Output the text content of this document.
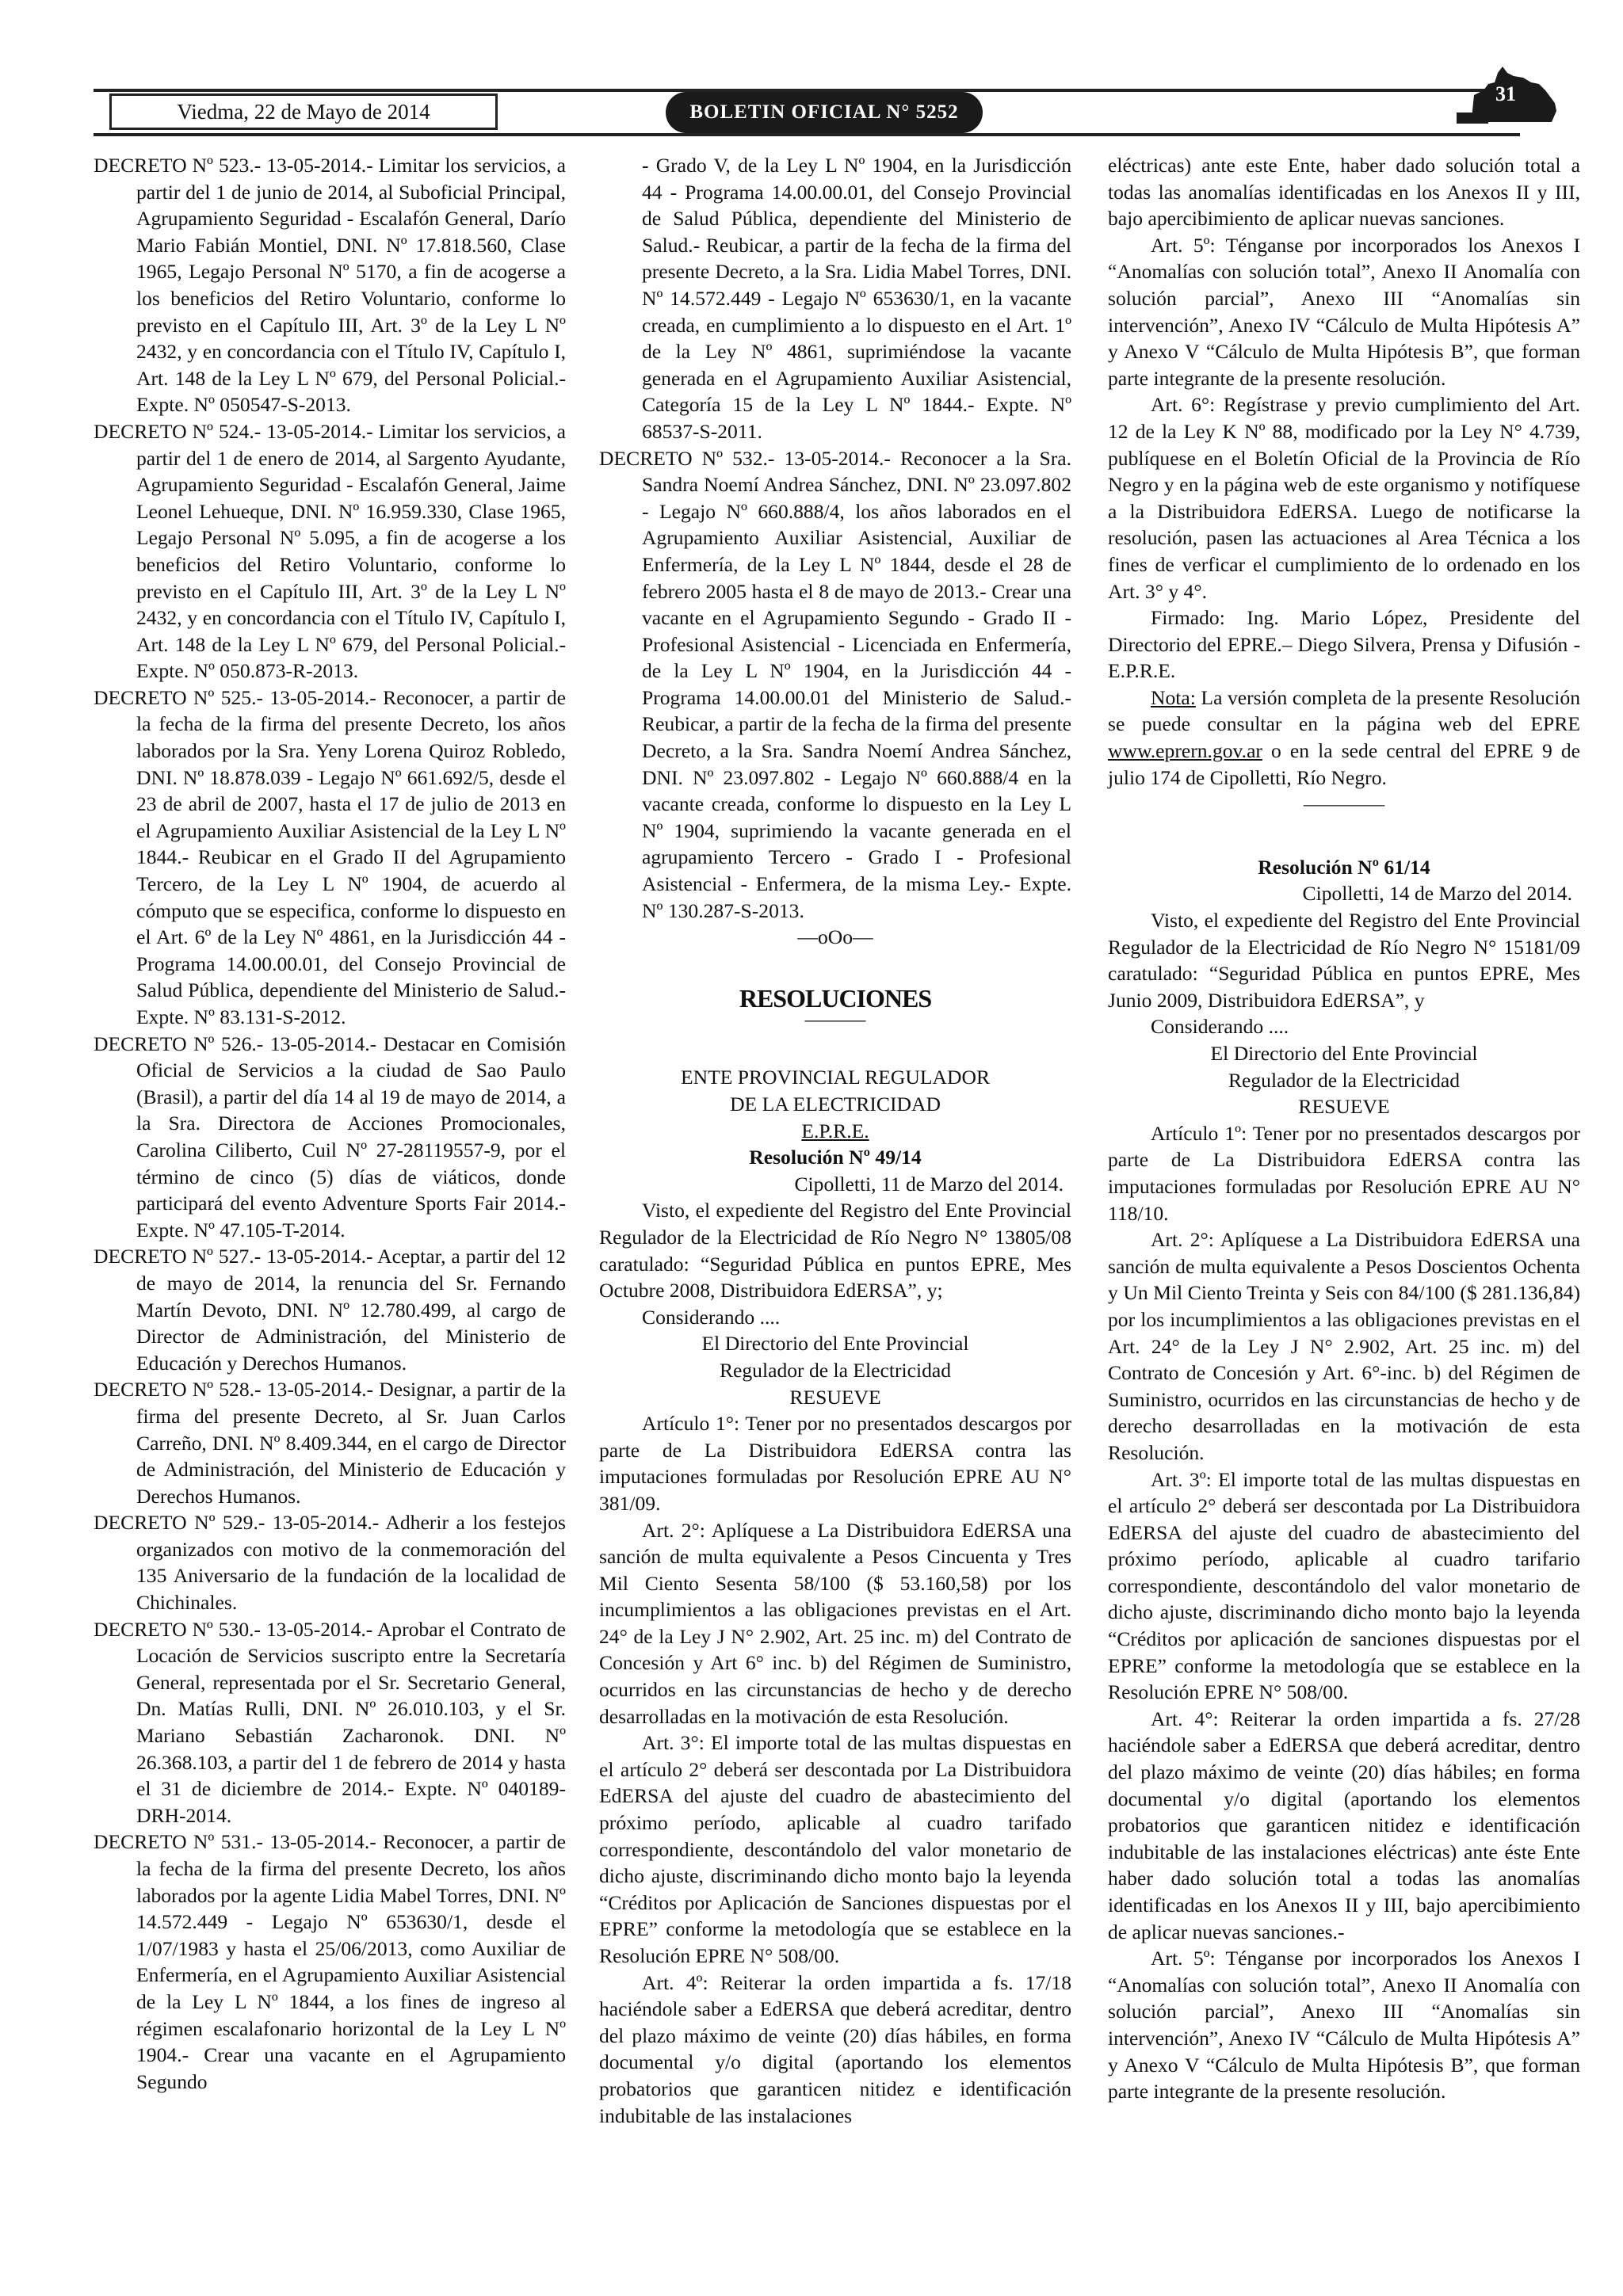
Viedma, 22 de Mayo de 2014	BOLETIN OFICIAL N° 5252
31

DECRETO Nº 523.- 13-05-2014.- Limitar los servicios, a partir del 1 de junio de 2014, al Suboficial Principal, Agrupamiento Seguridad - Escalafón General, Darío Mario Fabián Montiel, DNI. Nº 17.818.560, Clase 1965, Legajo Personal Nº 5170, a fin de acogerse a los beneficios del Retiro Voluntario, conforme lo previsto en el Capítulo III, Art. 3º de la Ley L Nº 2432, y en concordancia con el Título IV, Capítulo I, Art. 148 de la Ley L Nº 679, del Personal Policial.- Expte. Nº 050547-S-2013.

DECRETO Nº 524.- 13-05-2014.- Limitar los servicios, a partir del 1 de enero de 2014, al Sargento Ayudante, Agrupamiento Seguridad - Escalafón General, Jaime Leonel Lehueque, DNI. Nº 16.959.330, Clase 1965, Legajo Personal Nº 5.095, a fin de acogerse a los beneficios del Retiro Voluntario, conforme lo previsto en el Capítulo III, Art. 3º de la Ley L Nº 2432, y en concordancia con el Título IV, Capítulo I, Art. 148 de la Ley L Nº 679, del Personal Policial.- Expte. Nº 050.873-R-2013.

DECRETO Nº 525.- 13-05-2014.- Reconocer, a partir de la fecha de la firma del presente Decreto, los años laborados por la Sra. Yeny Lorena Quiroz Robledo, DNI. Nº 18.878.039 - Legajo Nº 661.692/5, desde el 23 de abril de 2007, hasta el 17 de julio de 2013 en el Agrupamiento Auxiliar Asistencial de la Ley L Nº 1844.- Reubicar en el Grado II del Agrupamiento Tercero, de la Ley L Nº 1904, de acuerdo al cómputo que se especifica, conforme lo dispuesto en el Art. 6º de la Ley Nº 4861, en la Jurisdicción 44 - Programa 14.00.00.01, del Consejo Provincial de Salud Pública, dependiente del Ministerio de Salud.- Expte. Nº 83.131-S-2012.

DECRETO Nº 526.- 13-05-2014.- Destacar en Comisión Oficial de Servicios a la ciudad de Sao Paulo (Brasil), a partir del día 14 al 19 de mayo de 2014, a la Sra. Directora de Acciones Promocionales, Carolina Ciliberto, Cuil Nº 27-28119557-9, por el término de cinco (5) días de viáticos, donde participará del evento Adventure Sports Fair 2014.- Expte. Nº 47.105-T-2014.

DECRETO Nº 527.- 13-05-2014.- Aceptar, a partir del 12 de mayo de 2014, la renuncia del Sr. Fernando Martín Devoto, DNI. Nº 12.780.499, al cargo de Director de Administración, del Ministerio de Educación y Derechos Humanos.

DECRETO Nº 528.- 13-05-2014.- Designar, a partir de la firma del presente Decreto, al Sr. Juan Carlos Carreño, DNI. Nº 8.409.344, en el cargo de Director de Administración, del Ministerio de Educación y Derechos Humanos.

DECRETO Nº 529.- 13-05-2014.- Adherir a los festejos organizados con motivo de la conmemoración del 135 Aniversario de la fundación de la localidad de Chichinales.

DECRETO Nº 530.- 13-05-2014.- Aprobar el Contrato de Locación de Servicios suscripto entre la Secretaría General, representada por el Sr. Secretario General, Dn. Matías Rulli, DNI. Nº 26.010.103, y el Sr. Mariano Sebastián Zacharonok. DNI. Nº 26.368.103, a partir del 1 de febrero de 2014 y hasta el 31 de diciembre de 2014.- Expte. Nº 040189-DRH-2014.

DECRETO Nº 531.- 13-05-2014.- Reconocer, a partir de la fecha de la firma del presente Decreto, los años laborados por la agente Lidia Mabel Torres, DNI. Nº 14.572.449 - Legajo Nº 653630/1, desde el 1/07/1983 y hasta el 25/06/2013, como Auxiliar de Enfermería, en el Agrupamiento Auxiliar Asistencial de la Ley L Nº 1844, a los fines de ingreso al régimen escalafonario horizontal de la Ley L Nº 1904.- Crear una vacante en el Agrupamiento Segundo

- Grado V, de la Ley L Nº 1904, en la Jurisdicción 44 - Programa 14.00.00.01, del Consejo Provincial de Salud Pública, dependiente del Ministerio de Salud.- Reubicar, a partir de la fecha de la firma del presente Decreto, a la Sra. Lidia Mabel Torres, DNI. Nº 14.572.449 - Legajo Nº 653630/1, en la vacante creada, en cumplimiento a lo dispuesto en el Art. 1º de la Ley Nº 4861, suprimiéndose la vacante generada en el Agrupamiento Auxiliar Asistencial, Categoría 15 de la Ley L Nº 1844.- Expte. Nº 68537-S-2011.

DECRETO Nº 532.- 13-05-2014.- Reconocer a la Sra. Sandra Noemí Andrea Sánchez, DNI. Nº 23.097.802 - Legajo Nº 660.888/4, los años laborados en el Agrupamiento Auxiliar Asistencial, Auxiliar de Enfermería, de la Ley L Nº 1844, desde el 28 de febrero 2005 hasta el 8 de mayo de 2013.- Crear una vacante en el Agrupamiento Segundo - Grado II - Profesional Asistencial - Licenciada en Enfermería, de la Ley L Nº 1904, en la Jurisdicción 44 - Programa 14.00.00.01 del Ministerio de Salud.- Reubicar, a partir de la fecha de la firma del presente Decreto, a la Sra. Sandra Noemí Andrea Sánchez, DNI. Nº 23.097.802 - Legajo Nº 660.888/4 en la vacante creada, conforme lo dispuesto en la Ley L Nº 1904, suprimiendo la vacante generada en el agrupamiento Tercero - Grado I - Profesional Asistencial - Enfermera, de la misma Ley.- Expte. Nº 130.287-S-2013.

—oOo—

RESOLUCIONES

———

ENTE PROVINCIAL REGULADOR

DE LA ELECTRICIDAD

E.P.R.E.

Resolución Nº 49/14

Cipolletti, 11 de Marzo del 2014.

Visto, el expediente del Registro del Ente Provincial Regulador de la Electricidad de Río Negro N° 13805/08 caratulado: “Seguridad Pública en puntos EPRE, Mes Octubre 2008, Distribuidora EdERSA”, y;

Considerando ....

El Directorio del Ente Provincial

Regulador de la Electricidad

RESUEVE

Artículo 1°: Tener por no presentados descargos por parte de La Distribuidora EdERSA contra las imputaciones formuladas por Resolución EPRE AU N° 381/09.

Art. 2°: Aplíquese a La Distribuidora EdERSA una sanción de multa equivalente a Pesos Cincuenta y Tres Mil Ciento Sesenta 58/100 ($ 53.160,58) por los incumplimientos a las obligaciones previstas en el Art. 24° de la Ley J N° 2.902, Art. 25 inc. m) del Contrato de Concesión y Art 6° inc. b) del Régimen de Suministro, ocurridos en las circunstancias de hecho y de derecho desarrolladas en la motivación de esta Resolución.

Art. 3°: El importe total de las multas dispuestas en el artículo 2° deberá ser descontada por La Distribuidora EdERSA del ajuste del cuadro de abastecimiento del próximo período, aplicable al cuadro tarifado correspondiente, descontándolo del valor monetario de dicho ajuste, discriminando dicho monto bajo la leyenda “Créditos por Aplicación de Sanciones dispuestas por el EPRE” conforme la metodología que se establece en la Resolución EPRE N° 508/00.

Art. 4º: Reiterar la orden impartida a fs. 17/18 haciéndole saber a EdERSA que deberá acreditar, dentro del plazo máximo de veinte (20) días hábiles, en forma documental y/o digital (aportando los elementos probatorios que garanticen nitidez e identificación indubitable de las instalaciones

eléctricas) ante este Ente, haber dado solución total a todas las anomalías identificadas en los Anexos II y III, bajo apercibimiento de aplicar nuevas sanciones.

Art. 5º: Ténganse por incorporados los Anexos I “Anomalías con solución total”, Anexo II Anomalía con solución parcial”, Anexo III “Anomalías sin intervención”, Anexo IV “Cálculo de Multa Hipótesis A” y Anexo V “Cálculo de Multa Hipótesis B”, que forman parte integrante de la presente resolución.

Art. 6°: Regístrase y previo cumplimiento del Art. 12 de la Ley K Nº 88, modificado por la Ley N° 4.739, publíquese en el Boletín Oficial de la Provincia de Río Negro y en la página web de este organismo y notifíquese a la Distribuidora EdERSA. Luego de notificarse la resolución, pasen las actuaciones al Area Técnica a los fines de verficar el cumplimiento de lo ordenado en los Art. 3° y 4°.

Firmado: Ing. Mario López, Presidente del Directorio del EPRE.– Diego Silvera, Prensa y Difusión - E.P.R.E.

Nota: La versión completa de la presente Resolución se puede consultar en la página web del EPRE www.eprern.gov.ar o en la sede central del EPRE 9 de julio 174 de Cipolletti, Río Negro.

————

Resolución Nº 61/14

Cipolletti, 14 de Marzo del 2014.

Visto, el expediente del Registro del Ente Provincial Regulador de la Electricidad de Río Negro N° 15181/09 caratulado: “Seguridad Pública en puntos EPRE, Mes Junio 2009, Distribuidora EdERSA”, y

Considerando ....

El Directorio del Ente Provincial

Regulador de la Electricidad

RESUEVE

Artículo 1º: Tener por no presentados descargos por parte de La Distribuidora EdERSA contra las imputaciones formuladas por Resolución EPRE AU N° 118/10.

Art. 2°: Aplíquese a La Distribuidora EdERSA una sanción de multa equivalente a Pesos Doscientos Ochenta y Un Mil Ciento Treinta y Seis con 84/100 ($ 281.136,84) por los incumplimientos a las obligaciones previstas en el Art. 24° de la Ley J N° 2.902, Art. 25 inc. m) del Contrato de Concesión y Art. 6°-inc. b) del Régimen de Suministro, ocurridos en las circunstancias de hecho y de derecho desarrolladas en la motivación de esta Resolución.

Art. 3º: El importe total de las multas dispuestas en el artículo 2° deberá ser descontada por La Distribuidora EdERSA del ajuste del cuadro de abastecimiento del próximo período, aplicable al cuadro tarifario correspondiente, descontándolo del valor monetario de dicho ajuste, discriminando dicho monto bajo la leyenda “Créditos por aplicación de sanciones dispuestas por el EPRE” conforme la metodología que se establece en la Resolución EPRE N° 508/00.

Art. 4°: Reiterar la orden impartida a fs. 27/28 haciéndole saber a EdERSA que deberá acreditar, dentro del plazo máximo de veinte (20) días hábiles; en forma documental y/o digital (aportando los elementos probatorios que garanticen nitidez e identificación indubitable de las instalaciones eléctricas) ante éste Ente haber dado solución total a todas las anomalías identificadas en los Anexos II y III, bajo apercibimiento de aplicar nuevas sanciones.-

Art. 5º: Ténganse por incorporados los Anexos I “Anomalías con solución total”, Anexo II Anomalía con solución parcial”, Anexo III “Anomalías sin intervención”, Anexo IV “Cálculo de Multa Hipótesis A” y Anexo V “Cálculo de Multa Hipótesis B”, que forman parte integrante de la presente resolución.
